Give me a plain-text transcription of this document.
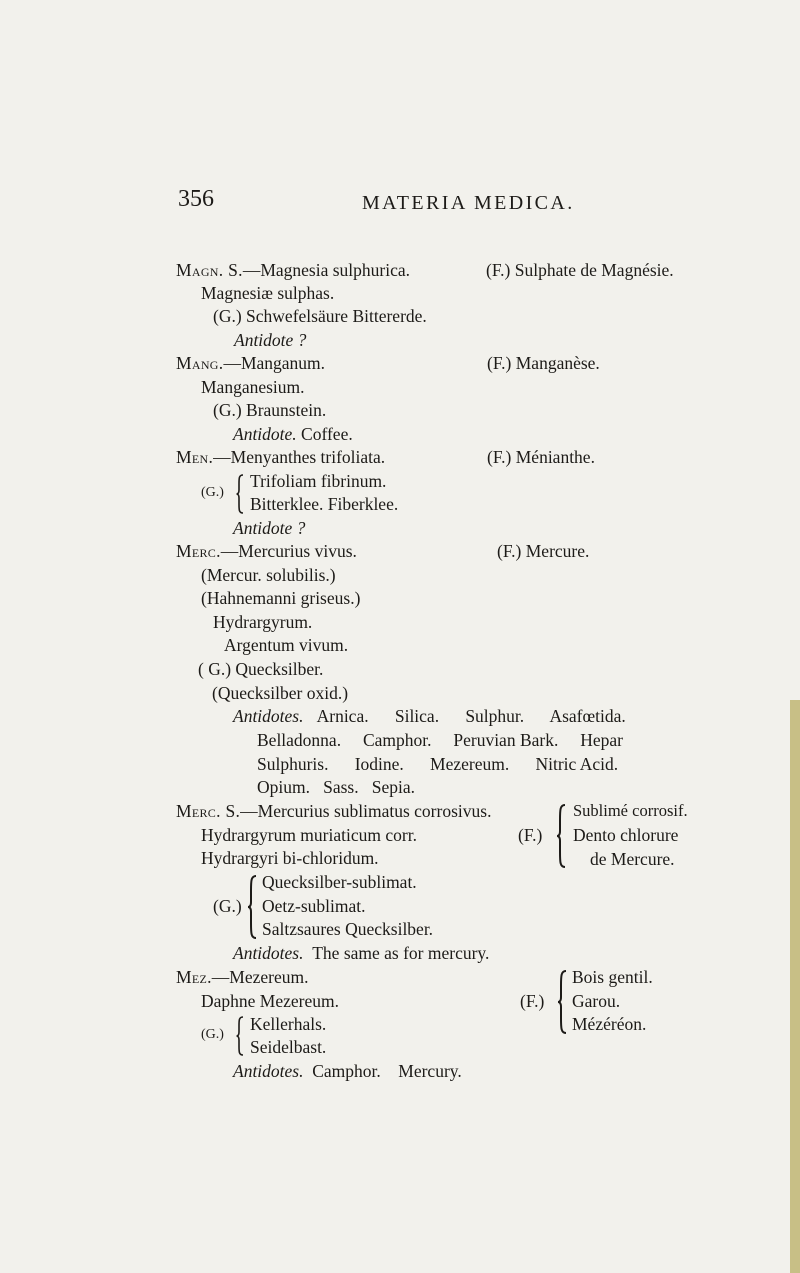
356	MATERIA MEDICA.
Magn. S.—Magnesia sulphurica.	(F.) Sulphate de Magnésie.
Magnesiæ sulphas.
(G.) Schwefelsäure Bittererde.
Antidote ?
Mang.—Manganum.	(F.) Manganèse.
Manganesium.
(G.) Braunstein.
Antidote. Coffee.
Men.—Menyanthes trifoliata.	(F.) Ménianthe.
Trifoliam fibrinum.
(G.)
Bitterklee. Fiberklee.
Antidote ?
Merc.—Mercurius vivus.	(F.) Mercure.
(Mercur. solubilis.)
(Hahnemanni griseus.)
Hydrargyrum.
Argentum vivum.
( G.) Quecksilber.
(Quecksilber oxid.)
Antidotes. Arnica.      Silica.      Sulphur.      Asafœtida.
Belladonna.     Camphor.     Peruvian Bark.     Hepar
Sulphuris.      Iodine.      Mezereum.      Nitric Acid.
Opium.   Sass.   Sepia.
Merc. S.—Mercurius sublimatus corrosivus.
Hydrargyrum muriaticum corr.
Hydrargyri bi-chloridum.
(F.)
Sublimé corrosif.
Dento chlorure
de Mercure.
(G.)
Quecksilber-sublimat.
Oetz-sublimat.
Saltzsaures Quecksilber.
Antidotes. The same as for mercury.
Mez.—Mezereum.
Daphne Mezereum.	(F.)
Bois gentil.
Garou.
Mézéréon.
(G.)
Kellerhals.
Seidelbast.
Antidotes. Camphor.    Mercury.
